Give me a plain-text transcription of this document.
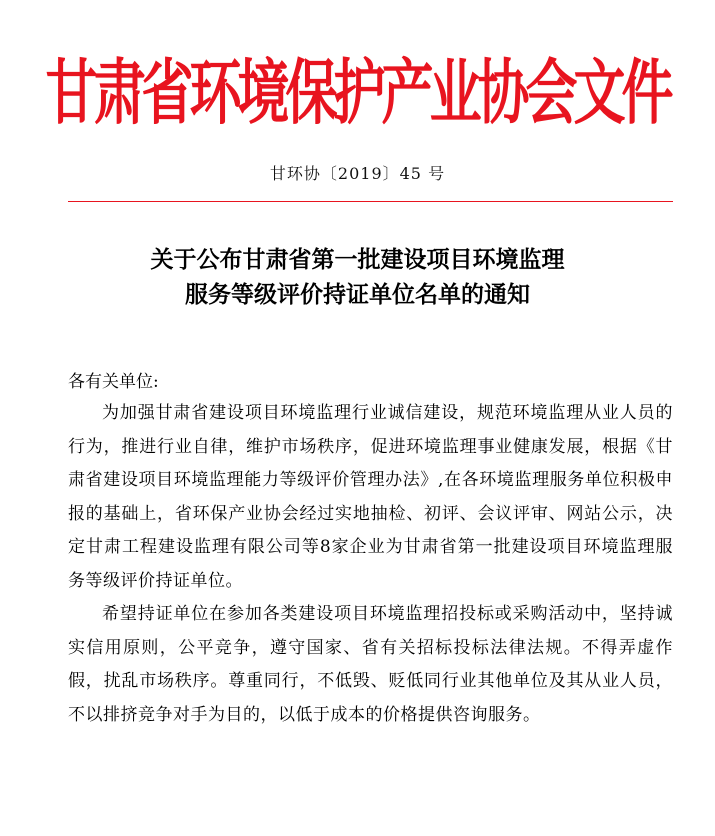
甘肃省环境保护产业协会文件
甘环协〔2019〕45 号
关于公布甘肃省第一批建设项目环境监理
服务等级评价持证单位名单的通知
各有关单位:

为加强甘肃省建设项目环境监理行业诚信建设，规范环境监理从业人员的行为，推进行业自律，维护市场秩序，促进环境监理事业健康发展，根据《甘肃省建设项目环境监理能力等级评价管理办法》,在各环境监理服务单位积极申报的基础上，省环保产业协会经过实地抽检、初评、会议评审、网站公示，决定甘肃工程建设监理有限公司等8家企业为甘肃省第一批建设项目环境监理服务等级评价持证单位。

希望持证单位在参加各类建设项目环境监理招投标或采购活动中，坚持诚实信用原则，公平竞争，遵守国家、省有关招标投标法律法规。不得弄虚作假，扰乱市场秩序。尊重同行，不低毁、贬低同行业其他单位及其从业人员，不以排挤竞争对手为目的，以低于成本的价格提供咨询服务。
